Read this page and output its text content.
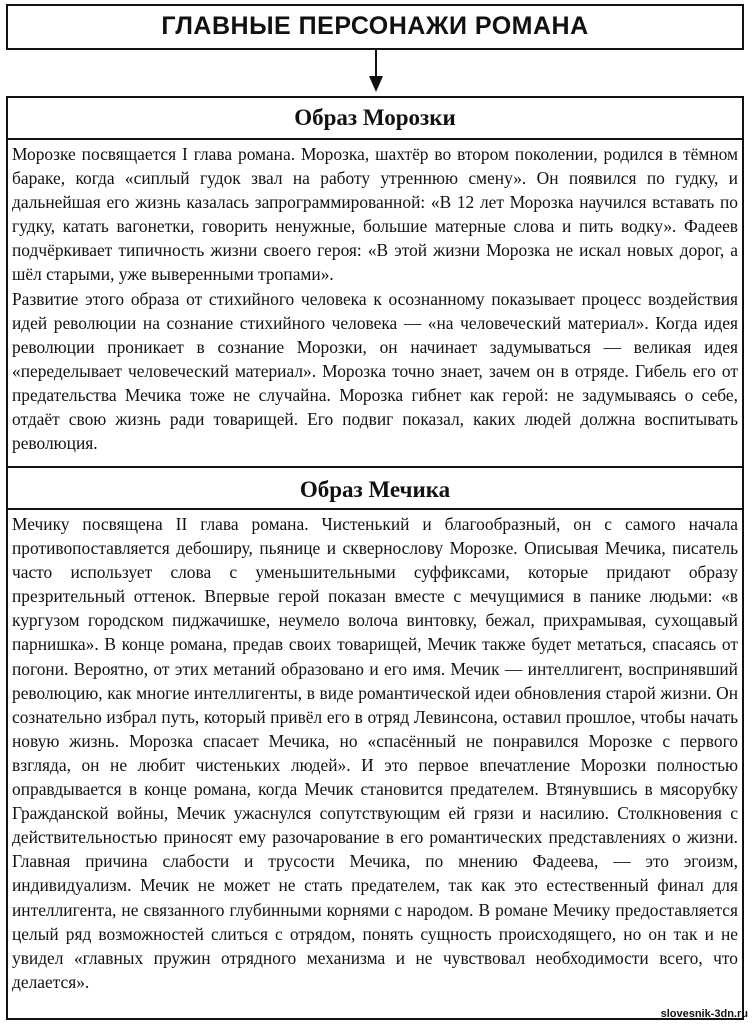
ГЛАВНЫЕ ПЕРСОНАЖИ РОМАНА
Образ Морозки

Морозке посвящается I глава романа. Морозка, шахтёр во втором поколении, родился в тёмном бараке, когда «сиплый гудок звал на работу утреннюю смену». Он появился по гудку, и дальнейшая его жизнь казалась запрограммированной: «В 12 лет Морозка научился вставать по гудку, катать вагонетки, говорить ненужные, большие матерные слова и пить водку». Фадеев подчёркивает типичность жизни своего героя: «В этой жизни Морозка не искал новых дорог, а шёл старыми, уже выверенными тропами».

Развитие этого образа от стихийного человека к осознанному показывает процесс воздействия идей революции на сознание стихийного человека — «на человеческий материал». Когда идея революции проникает в сознание Морозки, он начинает задумываться — великая идея «переделывает человеческий материал». Морозка точно знает, зачем он в отряде. Гибель его от предательства Мечика тоже не случайна. Морозка гибнет как герой: не задумываясь о себе, отдаёт свою жизнь ради товарищей. Его подвиг показал, каких людей должна воспитывать революция.

Образ Мечика

Мечику посвящена II глава романа. Чистенький и благообразный, он с самого начала противопоставляется дебоширу, пьянице и сквернослову Морозке. Описывая Мечика, писатель часто использует слова с уменьшительными суффиксами, которые придают образу презрительный оттенок. Впервые герой показан вместе с мечущимися в панике людьми: «в кургузом городском пиджачишке, неумело волоча винтовку, бежал, прихрамывая, сухощавый парнишка». В конце романа, предав своих товарищей, Мечик также будет метаться, спасаясь от погони. Вероятно, от этих метаний образовано и его имя. Мечик — интеллигент, воспринявший революцию, как многие интеллигенты, в виде романтической идеи обновления старой жизни. Он сознательно избрал путь, который привёл его в отряд Левинсона, оставил прошлое, чтобы начать новую жизнь. Морозка спасает Мечика, но «спасённый не понравился Морозке с первого взгляда, он не любит чистеньких людей». И это первое впечатление Морозки полностью оправдывается в конце романа, когда Мечик становится предателем. Втянувшись в мясорубку Гражданской войны, Мечик ужаснулся сопутствующим ей грязи и насилию. Столкновения с действительностью приносят ему разочарование в его романтических представлениях о жизни. Главная причина слабости и трусости Мечика, по мнению Фадеева, — это эгоизм, индивидуализм. Мечик не может не стать предателем, так как это естественный финал для интеллигента, не связанного глубинными корнями с народом. В романе Мечику предоставляется целый ряд возможностей слиться с отрядом, понять сущность происходящего, но он так и не увидел «главных пружин отрядного механизма и не чувствовал необходимости всего, что делается».

slovesnik-3dn.ru
